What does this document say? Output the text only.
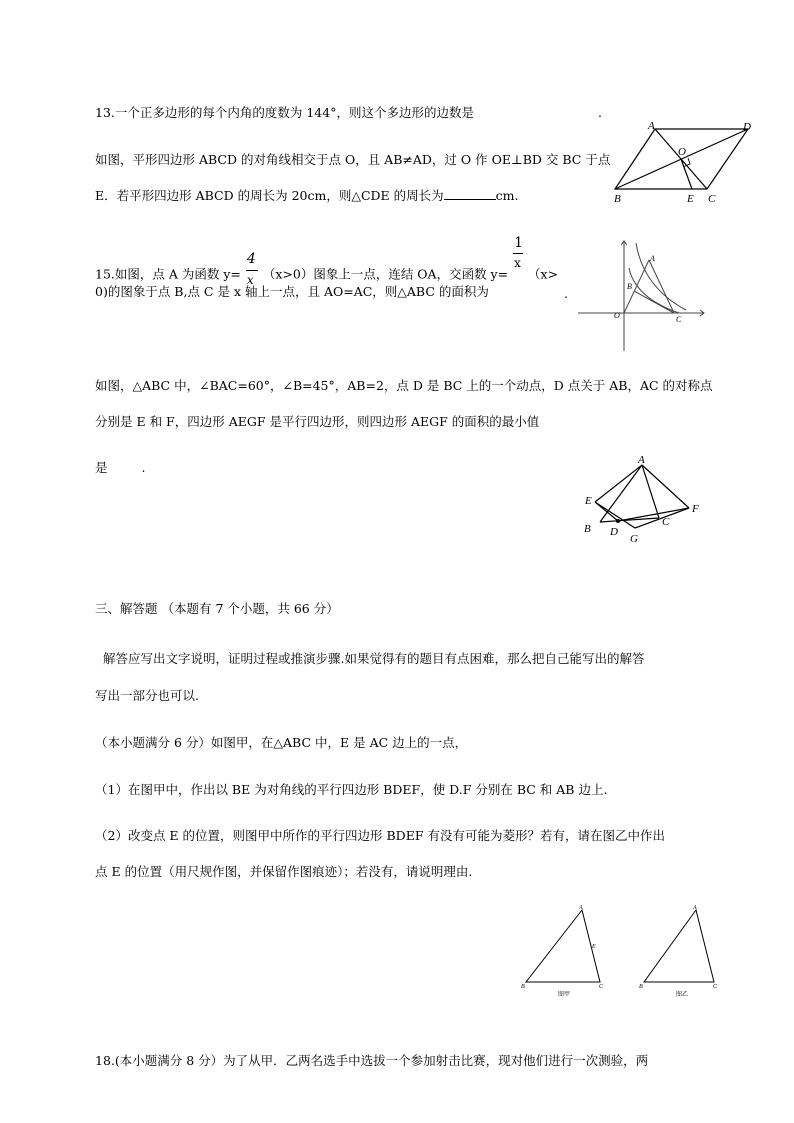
13.一个正多边形的每个内角的度数为 144°，则这个多边形的边数是	.
如图，平形四边形 ABCD 的对角线相交于点 O，且 AB≠AD，过 O 作 OE⊥BD 交 BC 于点
E．若平形四边形 ABCD 的周长为 20cm，则△CDE 的周长为	cm.
A	D
O
B	E C
15.如图，点 A 为函数 $y= \frac{4}{x} (x>0)$图象上一点，连结 OA，交函数 $y= \frac{1}{x} (x>$
0)的图象于点 B,点 C 是 x 轴上一点，且 AO=AC，则△ABC 的面积为	.
A
B
O	C
如图，△ABC 中，∠BAC=60°，∠B=45°，AB=2，点 D 是 BC 上的一个动点，D 点关于 AB，AC 的对称点
分别是 E 和 F，四边形 AEGF 是平行四边形，则四边形 AEGF 的面积的最小值
是	.	A
E
F
B D
C
G
三、解答题 （本题有 7 个小题，共 66 分）
解答应写出文字说明，证明过程或推演步骤.如果觉得有的题目有点困难，那么把自己能写出的解答
写出一部分也可以.
（本小题满分 6 分）如图甲，在△ABC 中，E 是 AC 边上的一点，
（1）在图甲中，作出以 BE 为对角线的平行四边形 BDEF，使 D.F 分别在 BC 和 AB 边上.
（2）改变点 E 的位置，则图甲中所作的平行四边形 BDEF 有没有可能为菱形？若有，请在图乙中作出
点 E 的位置（用尺规作图，并保留作图痕迹）；若没有，请说明理由.
A
E
B	C
图甲
A
B	C
图乙
18.(本小题满分 8 分）为了从甲．乙两名选手中选拔一个参加射击比赛，现对他们进行一次测验，两
